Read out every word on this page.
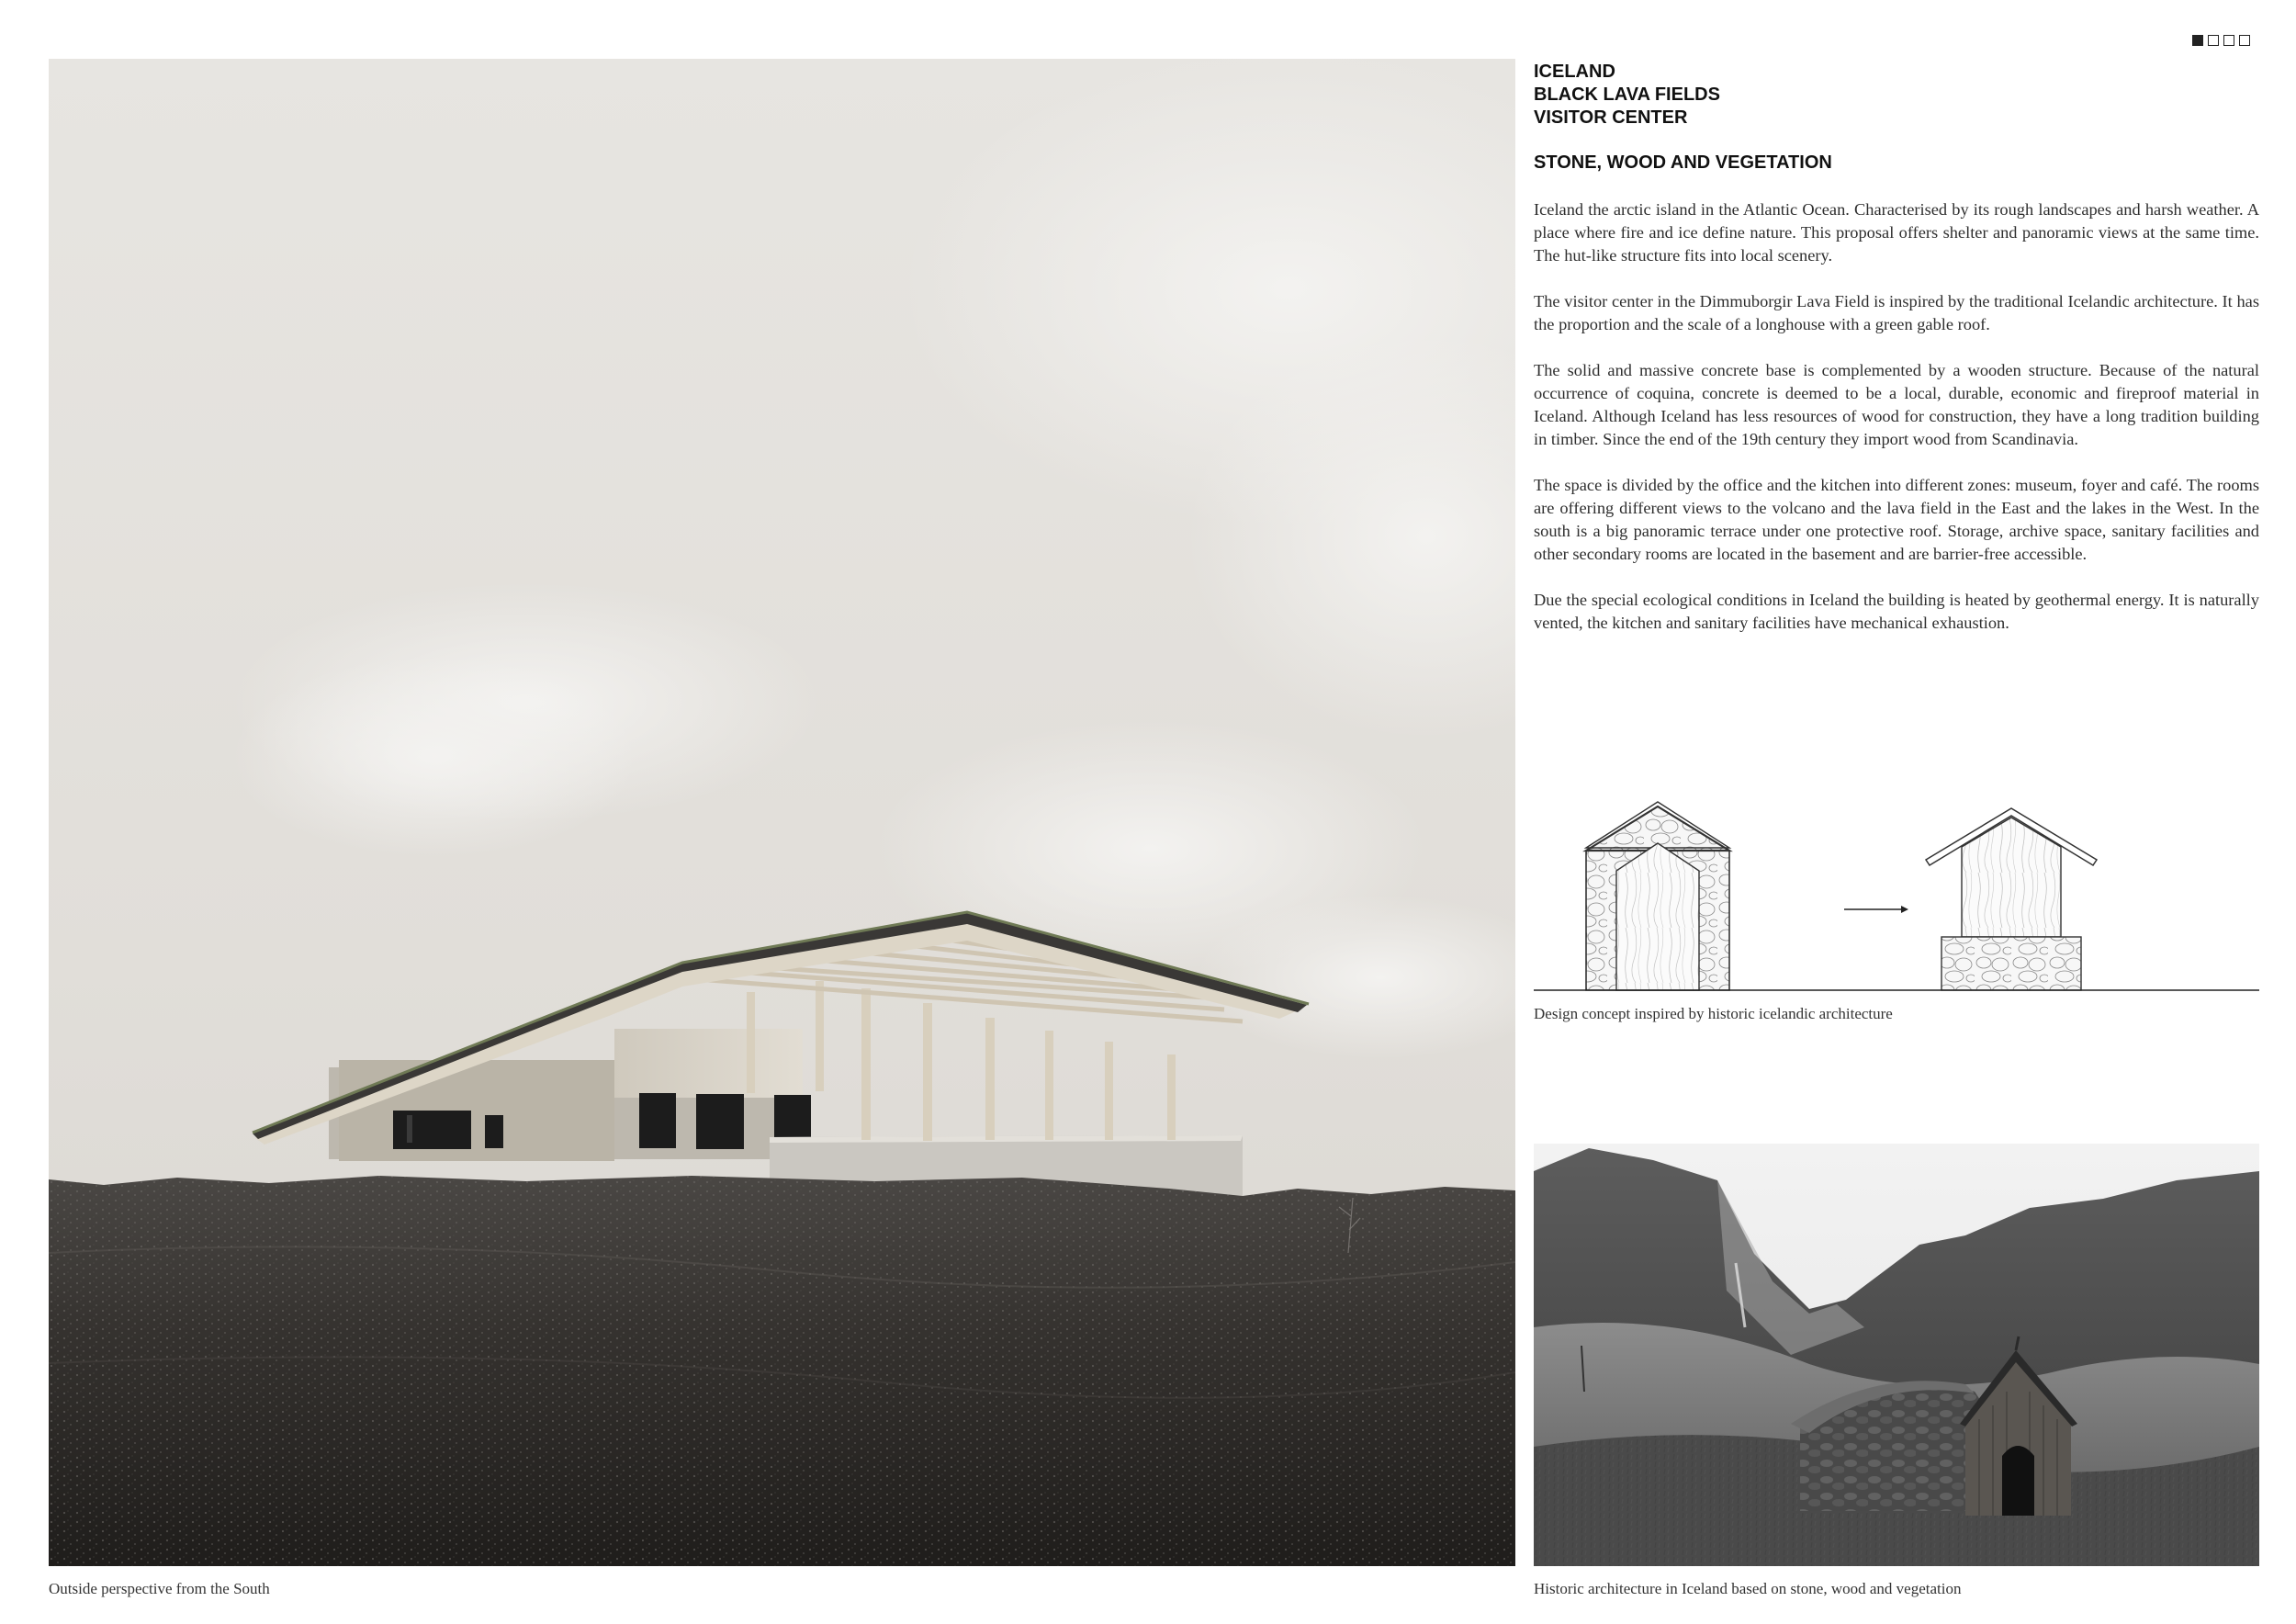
Outside perspective from the South
ICELAND
BLACK LAVA FIELDS
VISITOR CENTER
STONE, WOOD AND VEGETATION

Iceland the arctic island in the Atlantic Ocean. Characterised by its rough landscapes and harsh weather. A place where fire and ice define nature. This proposal offers shelter and panoramic views at the same time. The hut-like structure fits into local scenery.

The visitor center in the Dimmuborgir Lava Field is inspired by the traditional Icelandic architecture. It has the proportion and the scale of a longhouse with a green gable roof.

The solid and massive concrete base is complemented by a wooden structure. Because of the natural occurrence of coquina, concrete is deemed to be a local, durable, economic and fireproof material in Iceland. Although Iceland has less resources of wood for construction, they have a long tradition building in timber. Since the end of the 19th century they import wood from Scandinavia.

The space is divided by the office and the kitchen into different zones: museum, foyer and café. The rooms are offering different views to the volcano and the lava field in the East and the lakes in the West. In the south is a big panoramic terrace under one protective roof. Storage, archive space, sanitary facilities and other secondary rooms are located in the basement and are barrier-free accessible.

Due the special ecological conditions in Iceland the building is heated by geothermal energy. It is naturally vented, the kitchen and sanitary facilities have mechanical exhaustion.

Design concept inspired by historic icelandic architecture
Historic architecture in Iceland based on stone, wood and vegetation
